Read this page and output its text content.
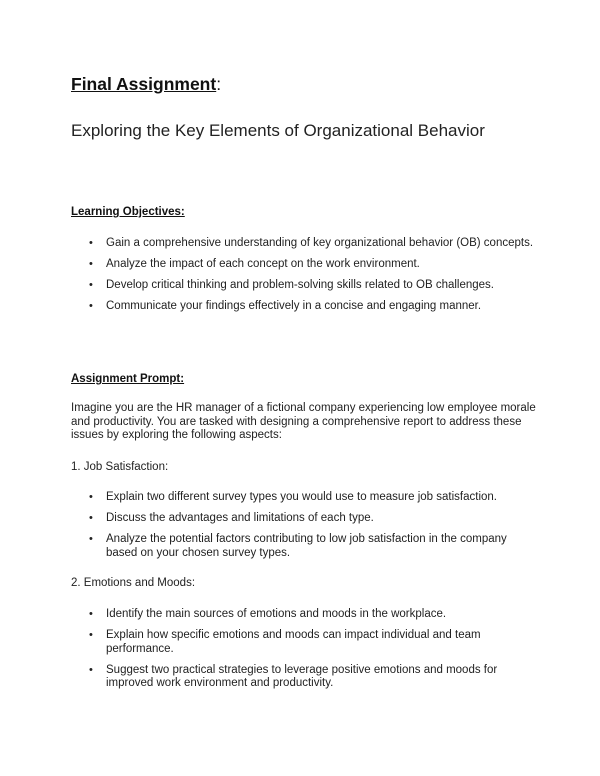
Final Assignment:
Exploring the Key Elements of Organizational Behavior
Learning Objectives:
• Gain a comprehensive understanding of key organizational behavior (OB) concepts.
• Analyze the impact of each concept on the work environment.
• Develop critical thinking and problem-solving skills related to OB challenges.
• Communicate your findings effectively in a concise and engaging manner.
Assignment Prompt:
Imagine you are the HR manager of a fictional company experiencing low employee morale and productivity. You are tasked with designing a comprehensive report to address these issues by exploring the following aspects:
1. Job Satisfaction:
• Explain two different survey types you would use to measure job satisfaction.
• Discuss the advantages and limitations of each type.
• Analyze the potential factors contributing to low job satisfaction in the company based on your chosen survey types.
2. Emotions and Moods:
• Identify the main sources of emotions and moods in the workplace.
• Explain how specific emotions and moods can impact individual and team performance.
• Suggest two practical strategies to leverage positive emotions and moods for improved work environment and productivity.
